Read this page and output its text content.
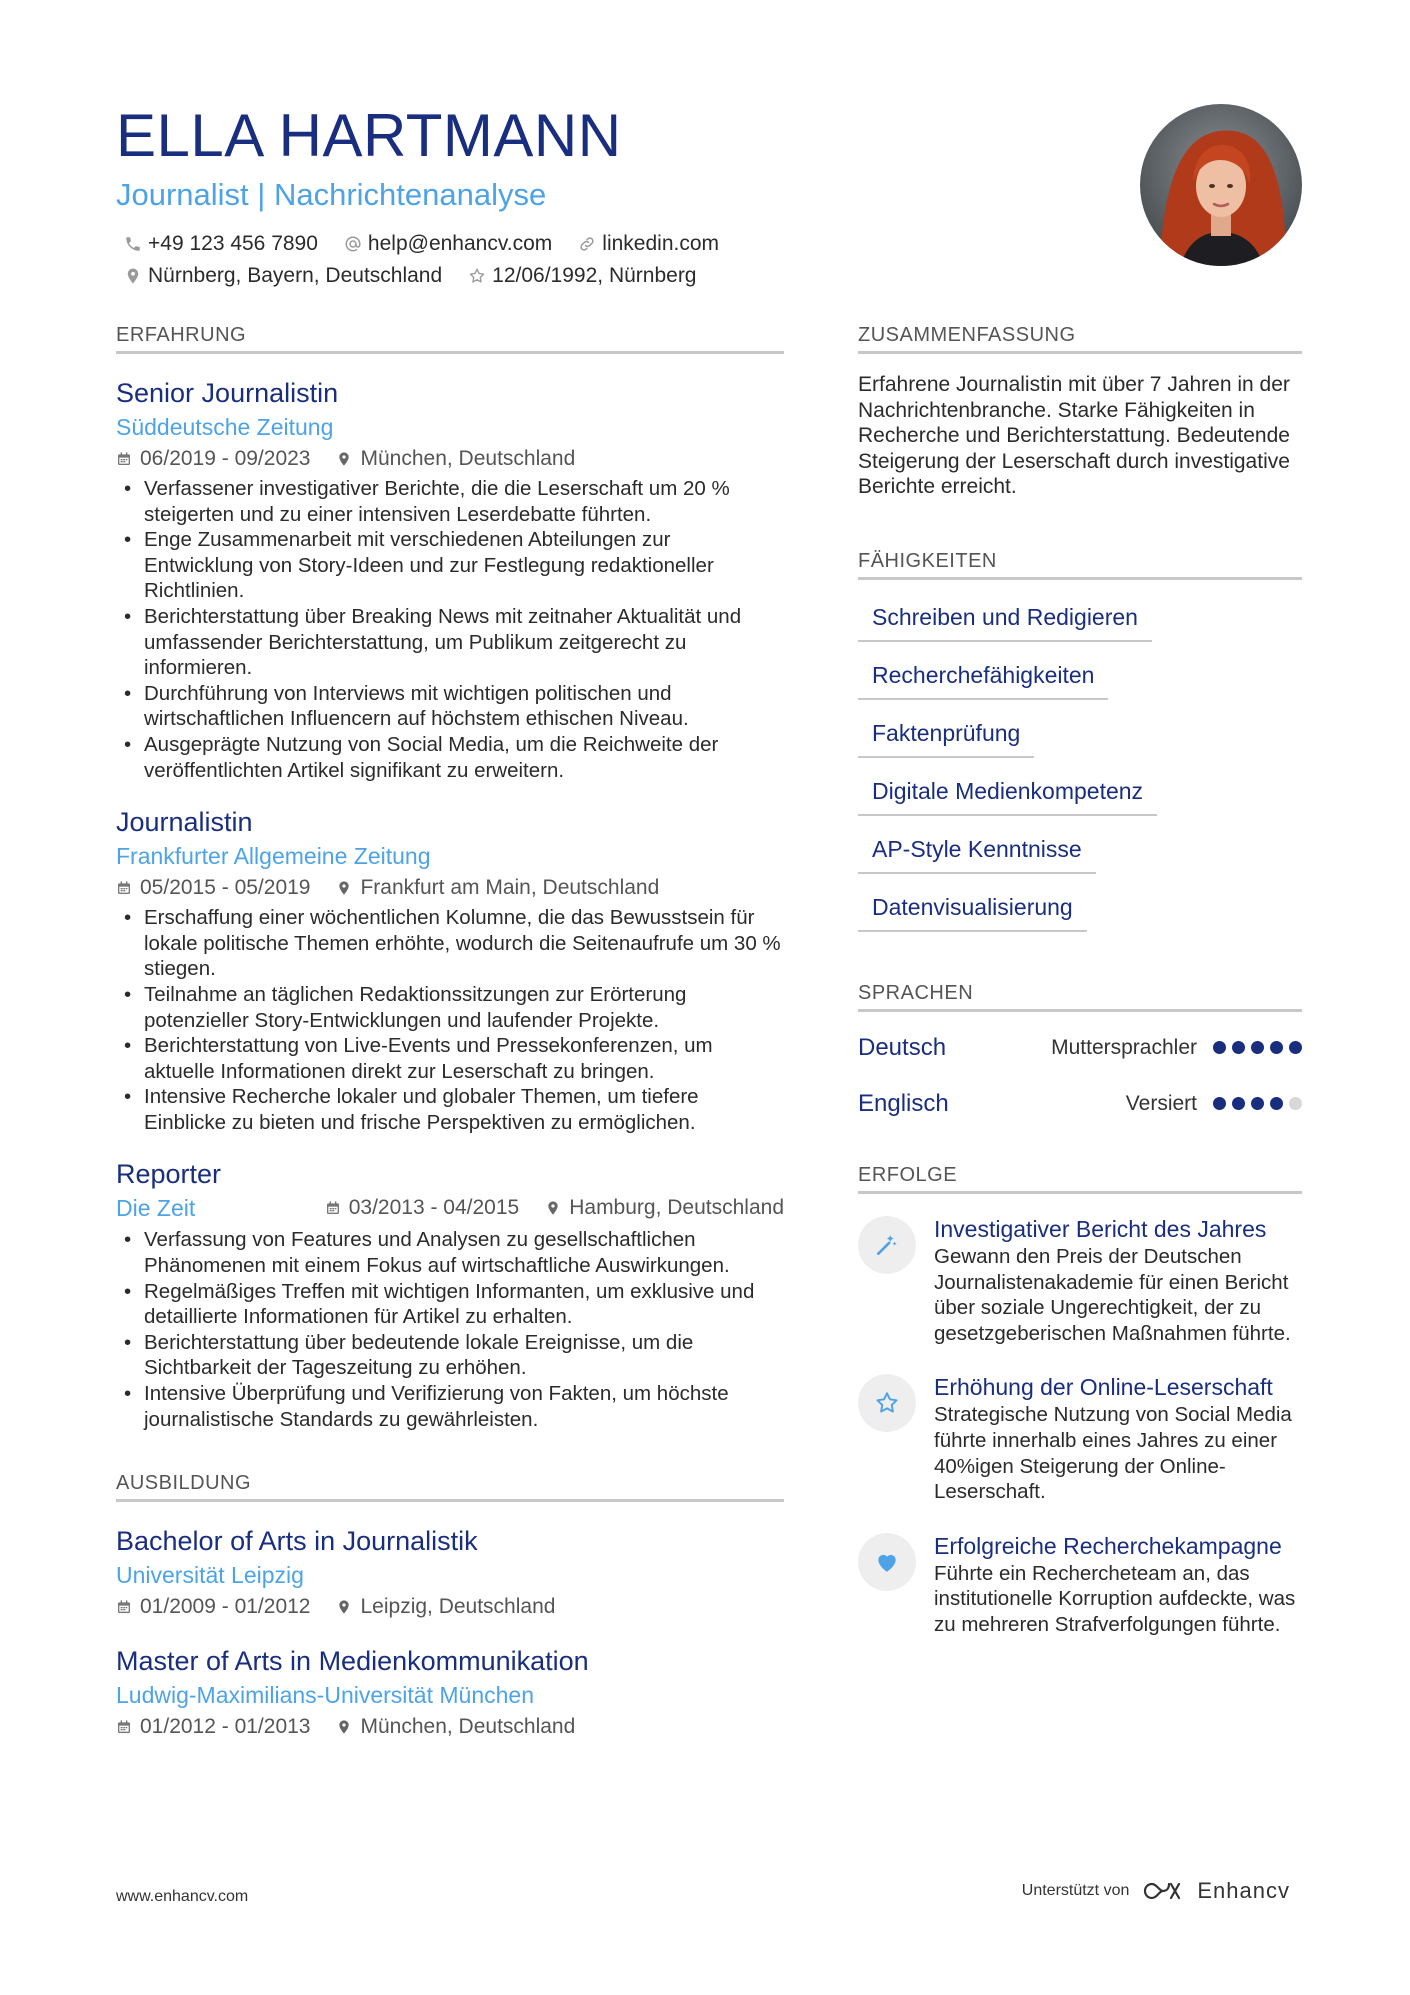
ELLA HARTMANN
Journalist | Nachrichtenanalyse
+49 123 456 7890 help@enhancv.com linkedin.com
Nürnberg, Bayern, Deutschland 12/06/1992, Nürnberg
ERFAHRUNG
Senior Journalistin
Süddeutsche Zeitung
06/2019 - 09/2023 München, Deutschland
• Verfassener investigativer Berichte, die die Leserschaft um 20 % steigerten und zu einer intensiven Leserdebatte führten.
• Enge Zusammenarbeit mit verschiedenen Abteilungen zur Entwicklung von Story-Ideen und zur Festlegung redaktioneller Richtlinien.
• Berichterstattung über Breaking News mit zeitnaher Aktualität und umfassender Berichterstattung, um Publikum zeitgerecht zu informieren.
• Durchführung von Interviews mit wichtigen politischen und wirtschaftlichen Influencern auf höchstem ethischen Niveau.
• Ausgeprägte Nutzung von Social Media, um die Reichweite der veröffentlichten Artikel signifikant zu erweitern.
Journalistin
Frankfurter Allgemeine Zeitung
05/2015 - 05/2019 Frankfurt am Main, Deutschland
• Erschaffung einer wöchentlichen Kolumne, die das Bewusstsein für lokale politische Themen erhöhte, wodurch die Seitenaufrufe um 30 % stiegen.
• Teilnahme an täglichen Redaktionssitzungen zur Erörterung potenzieller Story-Entwicklungen und laufender Projekte.
• Berichterstattung von Live-Events und Pressekonferenzen, um aktuelle Informationen direkt zur Leserschaft zu bringen.
• Intensive Recherche lokaler und globaler Themen, um tiefere Einblicke zu bieten und frische Perspektiven zu ermöglichen.
Reporter
Die Zeit	03/2013 - 04/2015 Hamburg, Deutschland
• Verfassung von Features und Analysen zu gesellschaftlichen Phänomenen mit einem Fokus auf wirtschaftliche Auswirkungen.
• Regelmäßiges Treffen mit wichtigen Informanten, um exklusive und detaillierte Informationen für Artikel zu erhalten.
• Berichterstattung über bedeutende lokale Ereignisse, um die Sichtbarkeit der Tageszeitung zu erhöhen.
• Intensive Überprüfung und Verifizierung von Fakten, um höchste journalistische Standards zu gewährleisten.
AUSBILDUNG
Bachelor of Arts in Journalistik
Universität Leipzig
01/2009 - 01/2012 Leipzig, Deutschland
Master of Arts in Medienkommunikation
Ludwig-Maximilians-Universität München
01/2012 - 01/2013 München, Deutschland
ZUSAMMENFASSUNG
Erfahrene Journalistin mit über 7 Jahren in der Nachrichtenbranche. Starke Fähigkeiten in Recherche und Berichterstattung. Bedeutende Steigerung der Leserschaft durch investigative Berichte erreicht.
FÄHIGKEITEN
Schreiben und Redigieren
Recherchefähigkeiten
Faktenprüfung
Digitale Medienkompetenz
AP-Style Kenntnisse
Datenvisualisierung
SPRACHEN
Deutsch	Muttersprachler
Englisch	Versiert
ERFOLGE
Investigativer Bericht des Jahres
Gewann den Preis der Deutschen Journalistenakademie für einen Bericht über soziale Ungerechtigkeit, der zu gesetzgeberischen Maßnahmen führte.
Erhöhung der Online-Leserschaft
Strategische Nutzung von Social Media führte innerhalb eines Jahres zu einer 40%igen Steigerung der Online-Leserschaft.
Erfolgreiche Recherchekampagne
Führte ein Rechercheteam an, das institutionelle Korruption aufdeckte, was zu mehreren Strafverfolgungen führte.
www.enhancv.com	Unterstützt von	Enhancv
